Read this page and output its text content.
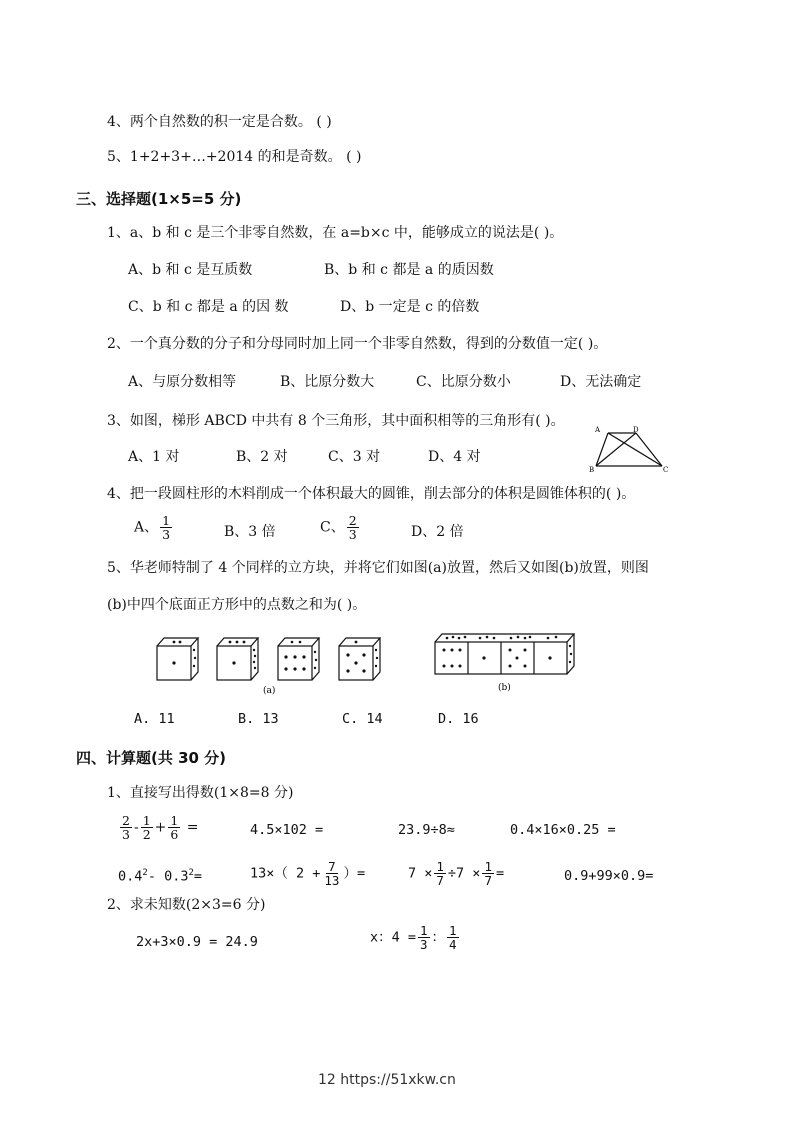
4、两个自然数的积一定是合数。 ( )
5、1+2+3+…+2014 的和是奇数。 ( )
三、选择题(1×5=5 分)
1、a、b 和 c 是三个非零自然数，在 a=b×c 中，能够成立的说法是( )。
A、b 和 c 是互质数	B、b 和 c 都是 a 的质因数
C、b 和 c 都是 a 的因 数	D、b 一定是 c 的倍数
2、一个真分数的分子和分母同时加上同一个非零自然数，得到的分数值一定( )。
A、与原分数相等	B、比原分数大	C、比原分数小	D、无法确定
3、如图，梯形 ABCD 中共有 8 个三角形，其中面积相等的三角形有( )。
A、1 对	B、2 对	C、3 对	D、4 对
A	D
B	C
4、把一段圆柱形的木料削成一个体积最大的圆锥，削去部分的体积是圆锥体积的( )。
A、 $\frac{1}{3}$	B、3 倍	C、 $\frac{2}{3}$	D、2 倍
5、华老师特制了 4 个同样的立方块，并将它们如图(a)放置，然后又如图(b)放置，则图
(b)中四个底面正方形中的点数之和为( )。
(a)	(b)
A. 11	B. 13	C. 14	D. 16
四、计算题(共 30 分)
1、直接写出得数(1×8=8 分)
$\frac{2}{3} - \frac{1}{2} + \frac{1}{6}$ =	4.5×102 =	23.9÷8≈	0.4×16×0.25 =
$0.4^2-$ $0.3^2=$	13×（ $2 + \frac{7}{13}$ ）=	$7 \times \frac{1}{7} \div 7 \times \frac{1}{7}$ =	0.9+99×0.9=
2、求未知数(2×3=6 分)
2x+3×0.9 = 24.9	x：$4 = \frac{1}{3}$ ： $\frac{1}{4}$
12 https://51xkw.cn
